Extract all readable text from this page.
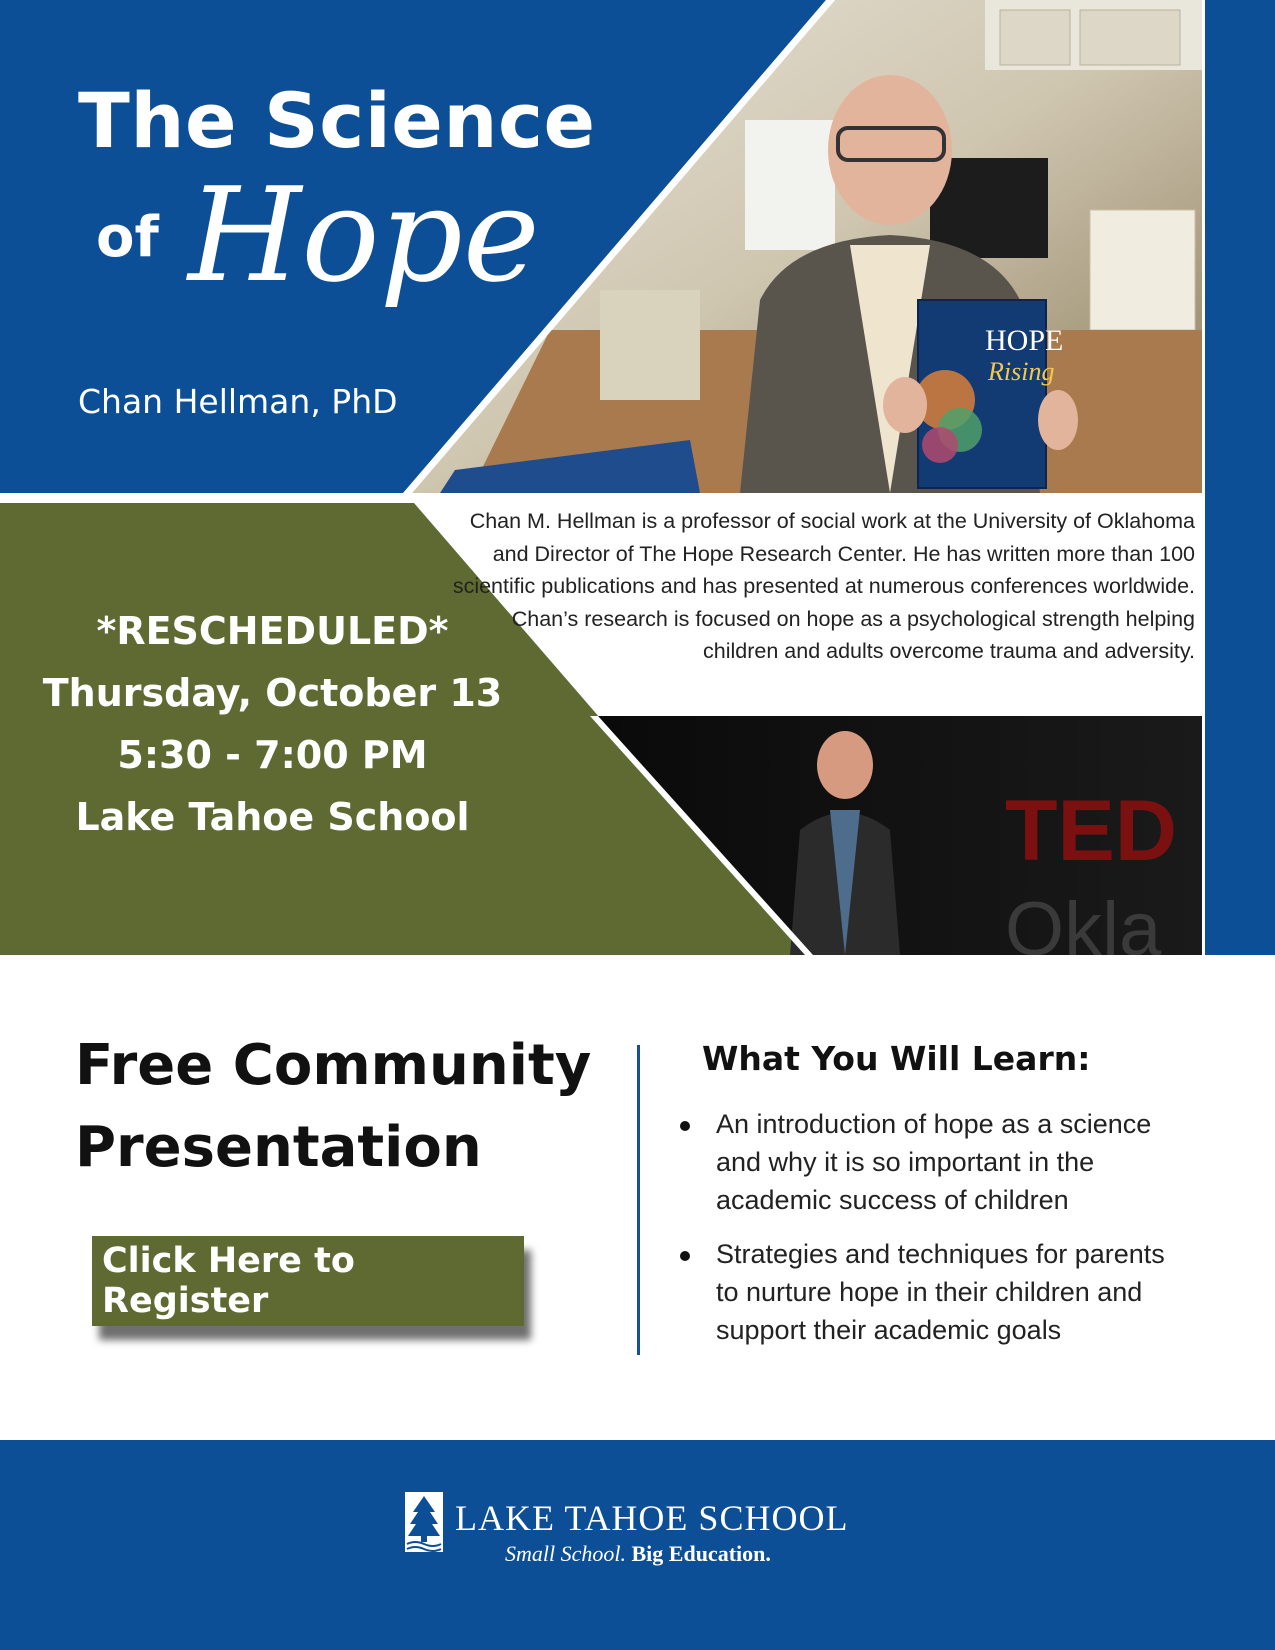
HOPE
Rising
TED
Okla
The Science
of Hope
Chan Hellman, PhD
Chan M. Hellman is a professor of social work at the University of Oklahoma and Director of The Hope Research Center. He has written more than 100 scientific publications and has presented at numerous conferences worldwide. Chan’s research is focused on hope as a psychological strength helping children and adults overcome trauma and adversity.
*RESCHEDULED*
Thursday, October 13
5:30 - 7:00 PM
Lake Tahoe School
Free Community
Presentation
Click Here to Register
What You Will Learn:
An introduction of hope as a science and why it is so important in the academic success of children
Strategies and techniques for parents to nurture hope in their children and support their academic goals
LAKE TAHOE SCHOOL
Small School. Big Education.
